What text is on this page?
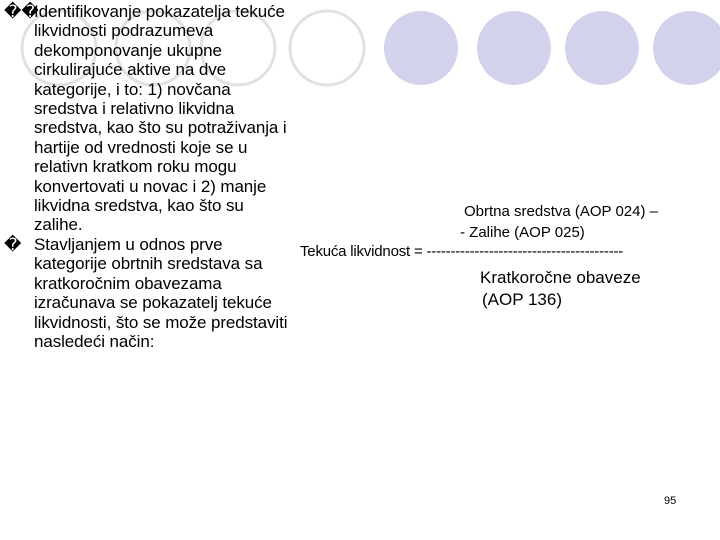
��
Identifikovanje pokazatelja tekuće likvidnosti podrazumeva dekomponovanje ukupne cirkulirajuće aktive na dve kategorije, i to: 1) novčana sredstva i relativno likvidna sredstva, kao što su potraživanja i hartije od vrednosti koje se u relativn kratkom roku mogu konvertovati u novac i 2) manje likvidna sredstva, kao što su zalihe.
� Stavljanjem u odnos prve kategorije obrtnih sredstava sa kratkoročnim obavezama izračunava se pokazatelj tekuće likvidnosti, što se može predstaviti nasledeći način:
Obrtna sredstva (AOP 024) –
- Zalihe (AOP 025)
Tekuća likvidnost = -----------------------------------------
Kratkoročne obaveze
(AOP 136)
95
